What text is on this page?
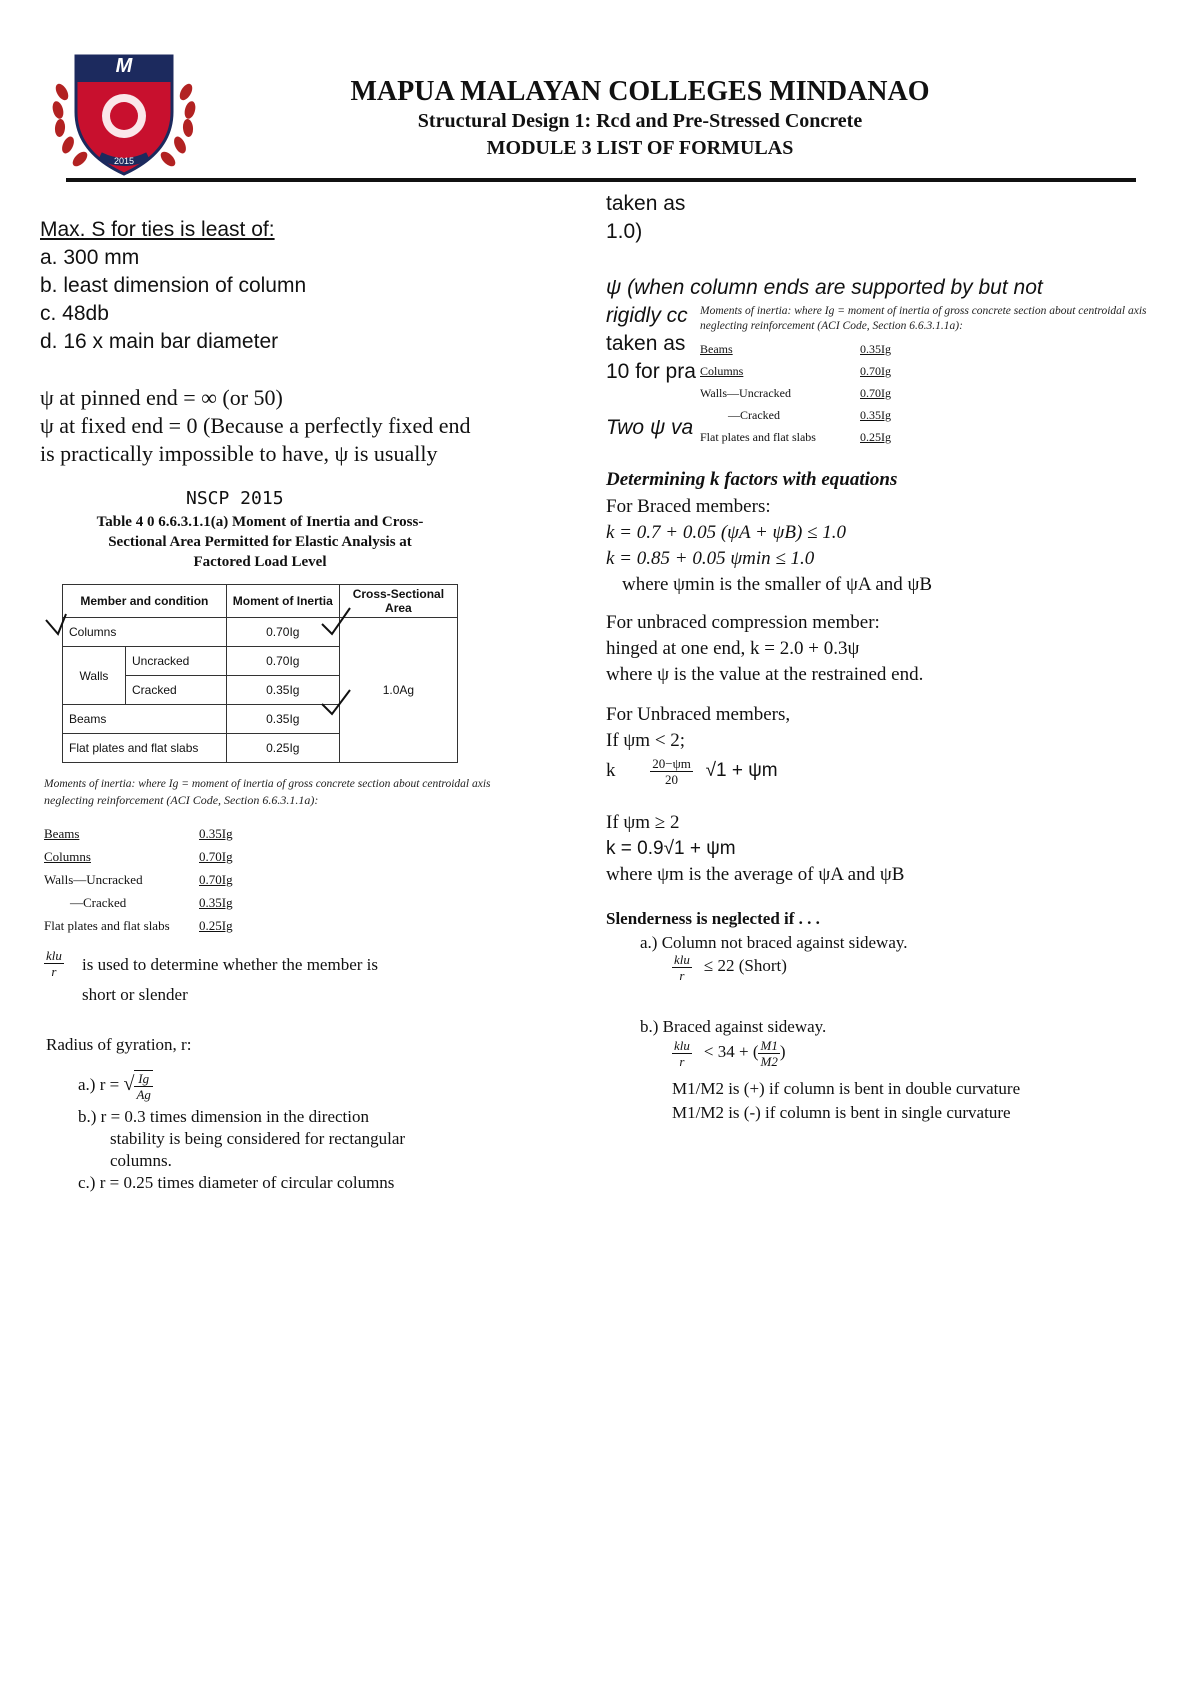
M
2015
MAPUA MALAYAN COLLEGES MINDANAO
Structural Design 1: Rcd and Pre-Stressed Concrete
MODULE 3 LIST OF FORMULAS
Max. S for ties is least of:
a. 300 mm
b. least dimension of column
c. 48db
d. 16 x main bar diameter
ψ at pinned end = ∞ (or 50)
ψ at fixed end = 0 (Because a perfectly fixed end
is practically impossible to have, ψ is usually
NSCP 2015
Table 4 0 6.6.3.1.1(a) Moment of Inertia and Cross-
Sectional Area Permitted for Elastic Analysis at
Factored Load Level
Member and condition		Moment of Inertia	Cross-Sectional Area
Columns		0.70Ig	1.0Ag
Walls	Uncracked	0.70Ig	
	Cracked	0.35Ig	
Beams		0.35Ig	
Flat plates and flat slabs		0.25Ig	
Moments of inertia: where Ig = moment of inertia of gross concrete section about centroidal axis
neglecting reinforcement (ACI Code, Section 6.6.3.1.1a):
Beams	0.35Ig
Columns	0.70Ig
Walls—Uncracked	0.70Ig
—Cracked	0.35Ig
Flat plates and flat slabs	0.25Ig
$\frac{\text{klu}}{r}$ is used to determine whether the member is
short or slender
Radius of gyration, r:
a.) r = √ $\frac{Ig}{Ag}$
b.) r = 0.3 times dimension in the direction
stability is being considered for rectangular
columns.
c.) r = 0.25 times diameter of circular columns
taken as
1.0)
ψ (when column ends are supported by but not
rigidly cc
taken as
10 for pra
Two ψ va
Moments of inertia: where Ig = moment of inertia of gross concrete section about centroidal axis
neglecting reinforcement (ACI Code, Section 6.6.3.1.1a):
Beams	0.35Ig
Columns	0.70Ig
Walls—Uncracked	0.70Ig
—Cracked	0.35Ig
Flat plates and flat slabs	0.25Ig
Determining k factors with equations
For Braced members:
k = 0.7 + 0.05 (ψA + ψB) ≤ 1.0
k = 0.85 + 0.05 ψmin ≤ 1.0
where ψmin is the smaller of ψA and ψB
For unbraced compression member:
hinged at one end, k = 2.0 + 0.3ψ
where ψ is the value at the restrained end.
For Unbraced members,
If ψm < 2;
k	$\frac{20-\psi m}{20} √1 + \psi m$
If ψm ≥ 2
k = 0.9√1 + ψm
where ψm is the average of ψA and ψB
Slenderness is neglected if . . .
a.) Column not braced against sideway.
$\frac{\text{klu}}{r} \le 22$ (Short)
b.) Braced against sideway.
$\frac{\text{klu}}{r} < 34$ + ( $\frac{M1}{M2}$ )
M1/M2 is (+) if column is bent in double curvature
M1/M2 is (-) if column is bent in single curvature
